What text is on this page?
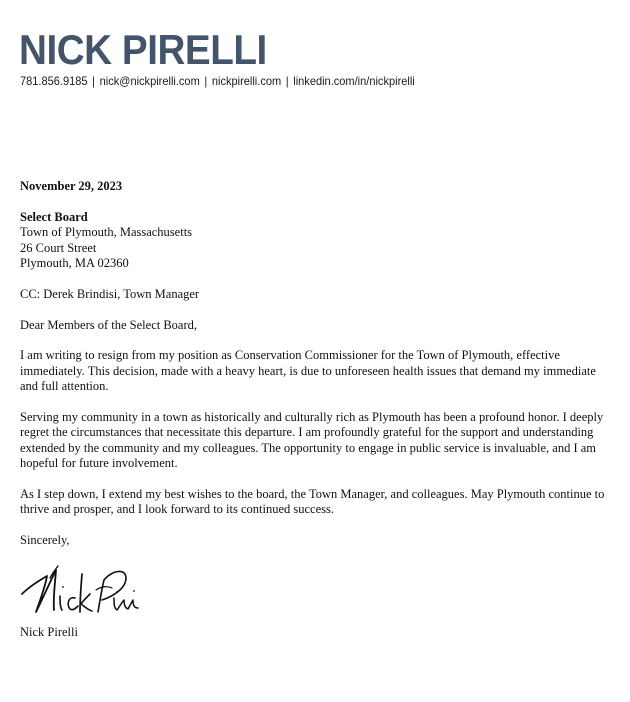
NICK PIRELLI
781.856.9185 | nick@nickpirelli.com | nickpirelli.com | linkedin.com/in/nickpirelli

November 29, 2023

Select Board
Town of Plymouth, Massachusetts
26 Court Street
Plymouth, MA 02360

CC: Derek Brindisi, Town Manager

Dear Members of the Select Board,

I am writing to resign from my position as Conservation Commissioner for the Town of Plymouth, effective immediately. This decision, made with a heavy heart, is due to unforeseen health issues that demand my immediate and full attention.

Serving my community in a town as historically and culturally rich as Plymouth has been a profound honor. I deeply regret the circumstances that necessitate this departure. I am profoundly grateful for the support and understanding extended by the community and my colleagues. The opportunity to engage in public service is invaluable, and I am hopeful for future involvement.

As I step down, I extend my best wishes to the board, the Town Manager, and colleagues. May Plymouth continue to thrive and prosper, and I look forward to its continued success.

Sincerely,

Nick Pirelli
